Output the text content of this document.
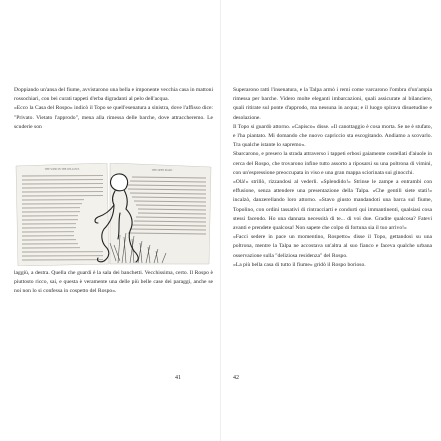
Doppiando un'ansa del fiume, avvistarono una bella e imponente vecchia casa in mattoni rossochiari, con bei curati tappeti d'erba digradanti al pelo dell'acqua.

«Ecco la Casa del Rospo» indicò il Topo se quell'esenatura a sinistra, dove l'affisso dice: "Privato. Vietato l'approdo", mena alla rimessa delle barche, dove attraccheremo. Le scuderie son

THE WIND IN THE WILLOWS	THE OPEN ROAD

laggiù, a destra. Quella che guardi è la sala dei banchetti. Vecchissima, certo. Il Rospo è piuttosto ricco, sai, e questa è veramente una delle più belle case dei paraggi, anche se noi non lo si confessa in cospetto del Rospo».

41

Superarono ratti l'insenatura, e la Talpa armò i remi come varcarono l'ombra d'un'ampia rimessa per barche. Videro molte eleganti imbarcazioni, quali assicurate al bilanciere, quali ritirate sul ponte d'approdo, ma nessuna in acqua; e il luogo spirava disuetudine e desolazione.

Il Topo si guardò attorno. «Capisco» disse. «Il canottaggio è cosa morta. Se ne è stufato, e l'ha piantato. Mi domando che nuovo capriccio sta escogitando. Andiamo a scovarlo. Tra qualche istante lo sapremo».

Sbarcarono, e presero la strada attraverso i tappeti erbosi gaiamente costellati d'aiuole in cerca del Rospo, che trovarono infine tutto assorto a riposarsi su una poltrona di vimini, con un'espressione preoccupata in viso e una gran mappa sciorinata sui ginocchi.

«Olà!» strillò, rizzandosi al vederli. «Splendido!» Strinse le zampe a entrambi con effusione, senza attendere una presentazione della Talpa. «Che gentili siete stati!» incalzò, danzerellando loro attorno. «Stavo giusto mandandoti una barca sul fiume, Topolino, con ordini tassativi di rintracciarti e condurti qui immantinenti, qualsiasi cosa stessi facendo. Ho una dannata necessità di te... di voi due. Gradite qualcosa? Fatevi avanti e prendete qualcosa! Non sapete che colpo di fortuna sia il tuo arrivo!»

«Facci sedere in pace un momentino, Rospetto» disse il Topo, gettandosi su una poltrona, mentre la Talpa ne accostava un'altra al suo fianco e faceva qualche urbana osservazione sulla "deliziosa residenza" del Rospo.

«La più bella casa di tutto il fiume» gridò il Rospo borioso.

42
